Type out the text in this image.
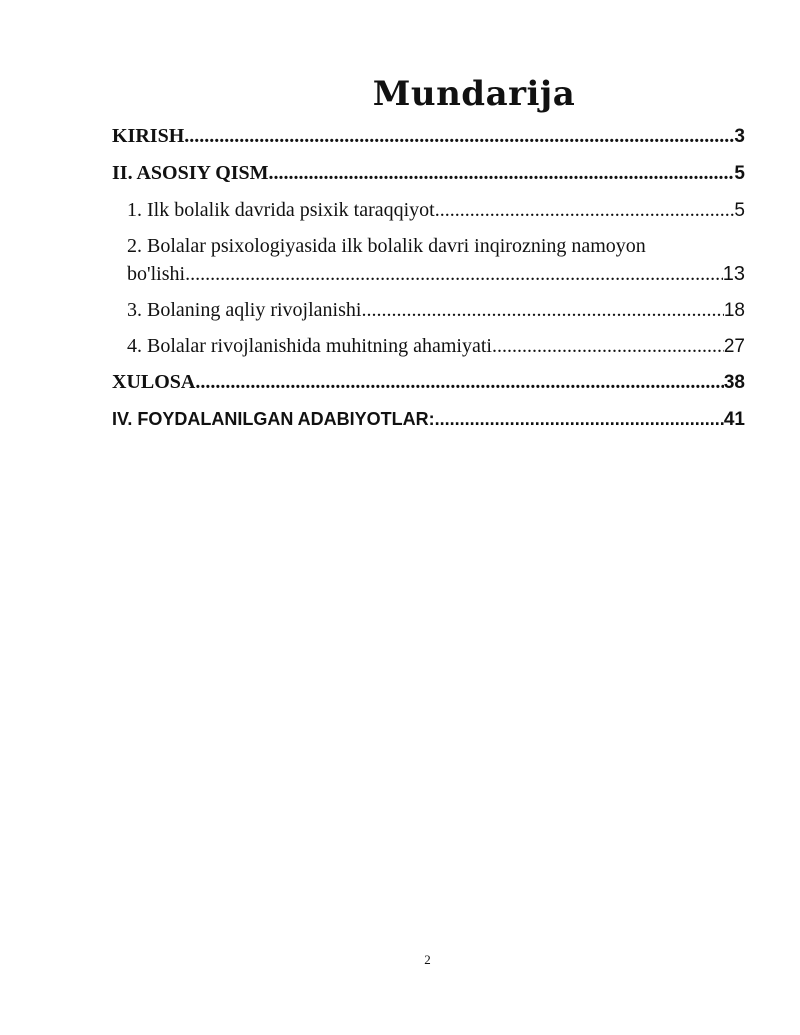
Mundarija
KIRISH .....	3
II. ASOSIY QISM .....	5
1. Ilk bolalik davrida psixik taraqqiyot .....	5
2. Bolalar psixologiyasida ilk bolalik davri inqirozning namoyon
bo'lishi .....	13
3. Bolaning aqliy rivojlanishi .....	18
4. Bolalar rivojlanishida muhitning ahamiyati .....	27
XULOSA .....	38
IV. FOYDALANILGAN ADABIYOTLAR: .....	41
2
